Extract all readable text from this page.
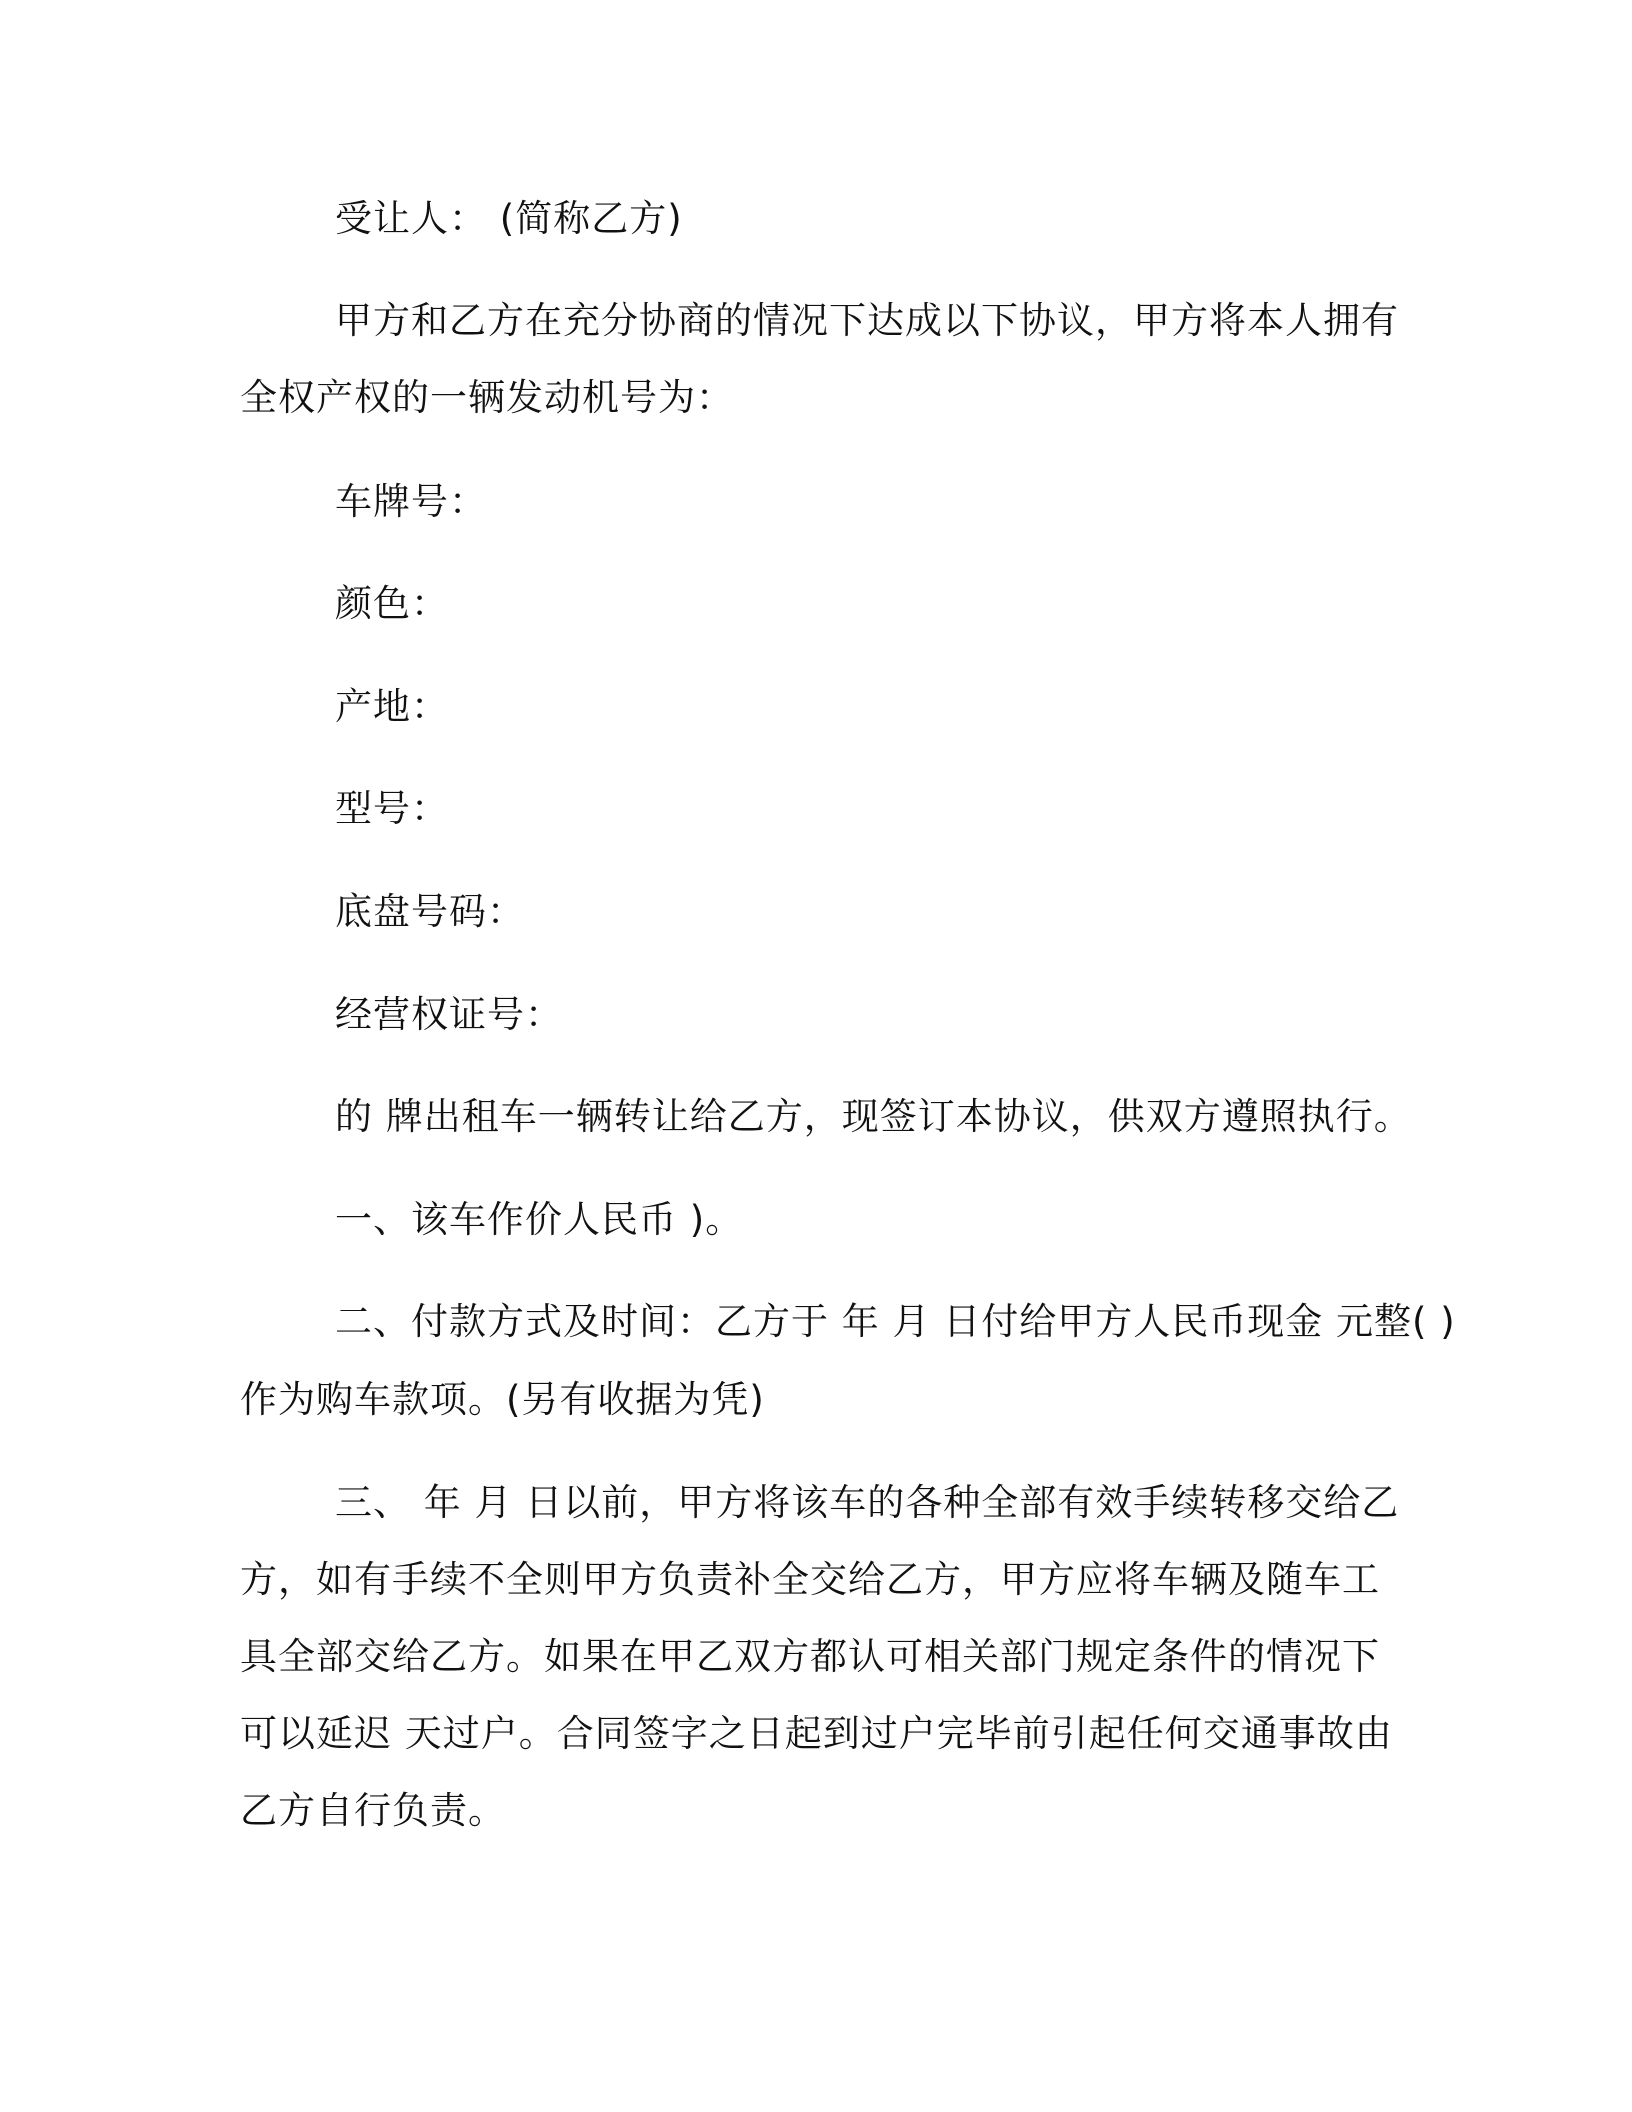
受让人： (简称乙方)
甲方和乙方在充分协商的情况下达成以下协议，甲方将本人拥有
全权产权的一辆发动机号为：
车牌号：
颜色：
产地：
型号：
底盘号码：
经营权证号：
的 牌出租车一辆转让给乙方，现签订本协议，供双方遵照执行。
一、该车作价人民币 )。
二、付款方式及时间：乙方于 年 月 日付给甲方人民币现金 元整( )
作为购车款项。(另有收据为凭)
三、 年 月 日以前，甲方将该车的各种全部有效手续转移交给乙
方，如有手续不全则甲方负责补全交给乙方，甲方应将车辆及随车工
具全部交给乙方。如果在甲乙双方都认可相关部门规定条件的情况下
可以延迟 天过户。合同签字之日起到过户完毕前引起任何交通事故由
乙方自行负责。
